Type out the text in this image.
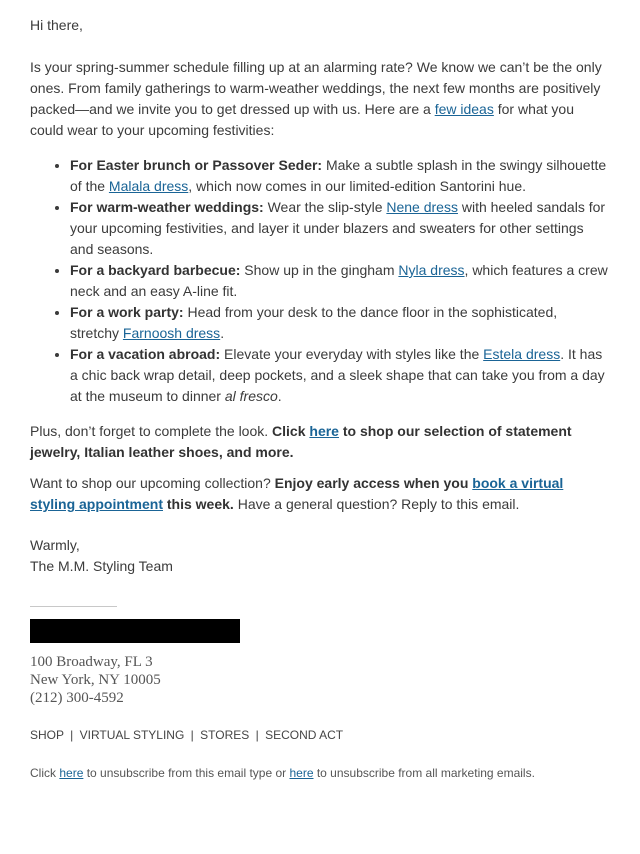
Hi there,

Is your spring-summer schedule filling up at an alarming rate? We know we can’t be the only ones. From family gatherings to warm-weather weddings, the next few months are positively packed—and we invite you to get dressed up with us. Here are a few ideas for what you could wear to your upcoming festivities:

• For Easter brunch or Passover Seder: Make a subtle splash in the swingy silhouette of the Malala dress, which now comes in our limited-edition Santorini hue.
• For warm-weather weddings: Wear the slip-style Nene dress with heeled sandals for your upcoming festivities, and layer it under blazers and sweaters for other settings and seasons.
• For a backyard barbecue: Show up in the gingham Nyla dress, which features a crew neck and an easy A-line fit.
• For a work party: Head from your desk to the dance floor in the sophisticated, stretchy Farnoosh dress.
• For a vacation abroad: Elevate your everyday with styles like the Estela dress. It has a chic back wrap detail, deep pockets, and a sleek shape that can take you from a day at the museum to dinner al fresco.

Plus, don’t forget to complete the look. Click here to shop our selection of statement jewelry, Italian leather shoes, and more.

Want to shop our upcoming collection? Enjoy early access when you book a virtual styling appointment this week. Have a general question? Reply to this email.

Warmly,

The M.M. Styling Team

100 Broadway, FL 3
New York, NY 10005
(212) 300-4592
SHOP | VIRTUAL STYLING | STORES | SECOND ACT
Click here to unsubscribe from this email type or here to unsubscribe from all marketing emails.
